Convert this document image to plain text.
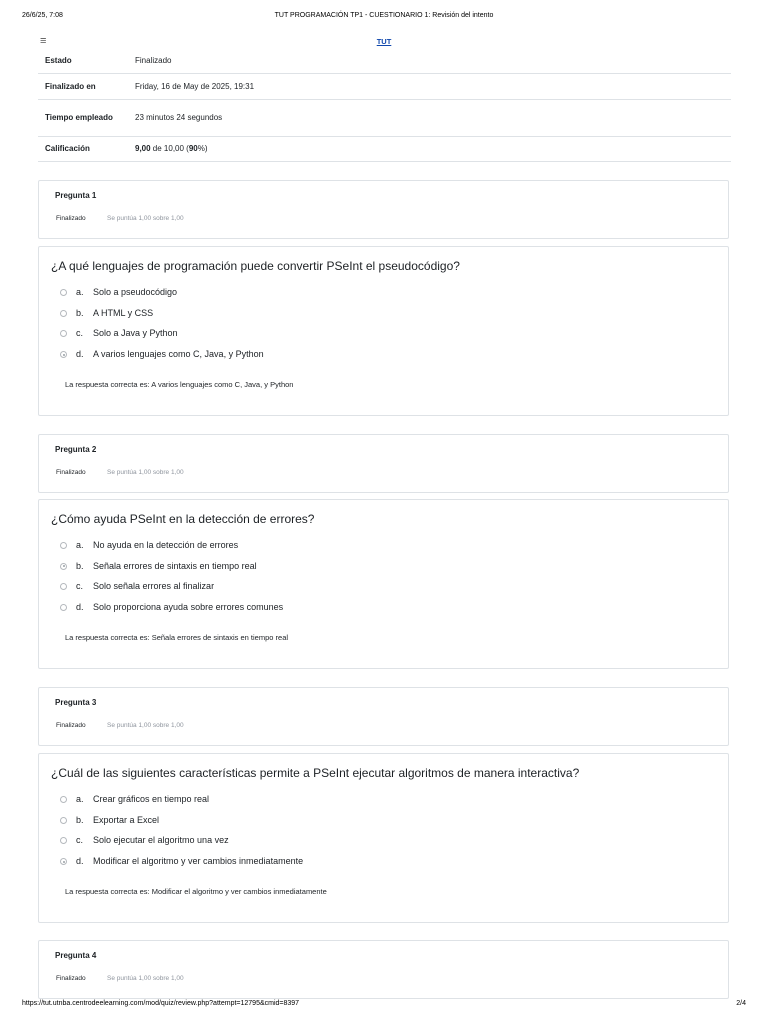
26/6/25, 7:08	TUT PROGRAMACIÓN TP1 - CUESTIONARIO 1: Revisión del intento
≡	TUT
Estado	Finalizado
Finalizado en	Friday, 16 de May de 2025, 19:31
Tiempo empleado	23 minutos 24 segundos
Calificación	9,00 de 10,00 (90%)
Pregunta 1
Finalizado	Se puntúa 1,00 sobre 1,00
¿A qué lenguajes de programación puede convertir PSeInt el pseudocódigo?
a. Solo a pseudocódigo
b. A HTML y CSS
c. Solo a Java y Python
d. A varios lenguajes como C, Java, y Python
La respuesta correcta es: A varios lenguajes como C, Java, y Python
Pregunta 2
Finalizado	Se puntúa 1,00 sobre 1,00
¿Cómo ayuda PSeInt en la detección de errores?
a. No ayuda en la detección de errores
b. Señala errores de sintaxis en tiempo real
c. Solo señala errores al finalizar
d. Solo proporciona ayuda sobre errores comunes
La respuesta correcta es: Señala errores de sintaxis en tiempo real
Pregunta 3
Finalizado	Se puntúa 1,00 sobre 1,00
¿Cuál de las siguientes características permite a PSeInt ejecutar algoritmos de manera interactiva?
a. Crear gráficos en tiempo real
b. Exportar a Excel
c. Solo ejecutar el algoritmo una vez
d. Modificar el algoritmo y ver cambios inmediatamente
La respuesta correcta es: Modificar el algoritmo y ver cambios inmediatamente
Pregunta 4
Finalizado	Se puntúa 1,00 sobre 1,00
https://tut.utnba.centrodeelearning.com/mod/quiz/review.php?attempt=12795&cmid=8397	2/4
